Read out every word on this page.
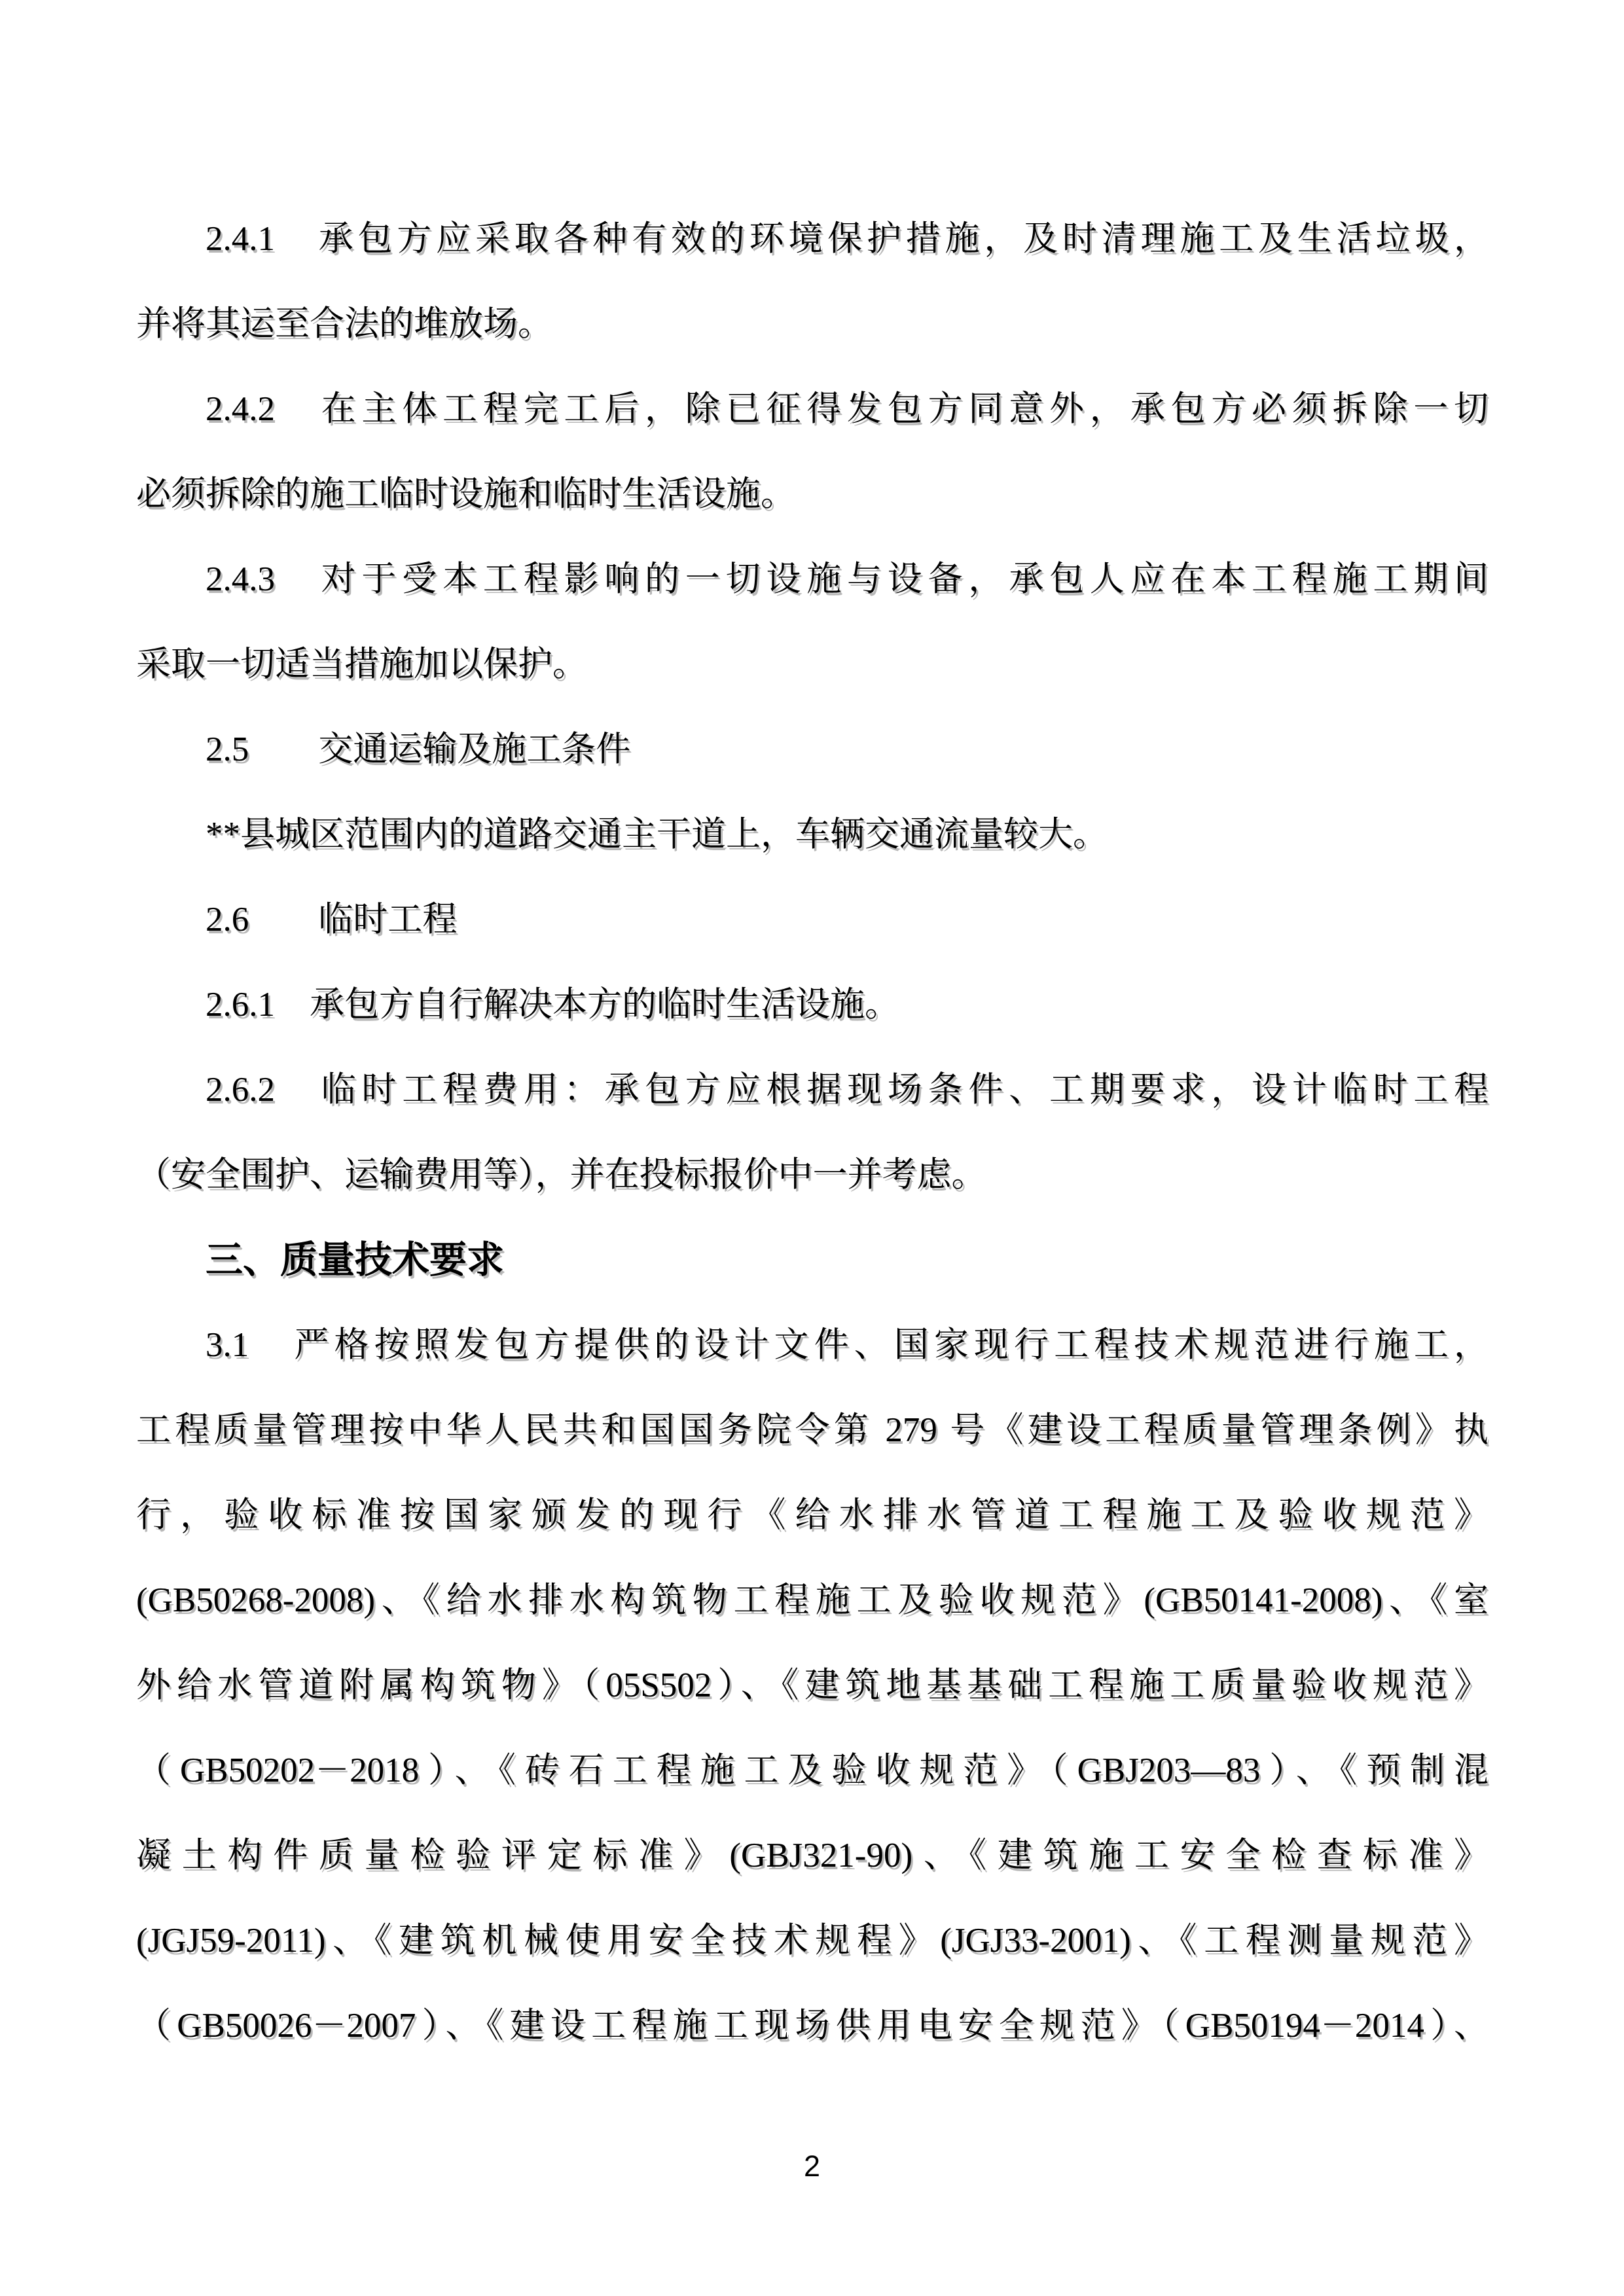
2.4.1　承包方应采取各种有效的环境保护措施，及时清理施工及生活垃圾，
并将其运至合法的堆放场。
2.4.2　在主体工程完工后，除已征得发包方同意外，承包方必须拆除一切
必须拆除的施工临时设施和临时生活设施。
2.4.3　对于受本工程影响的一切设施与设备，承包人应在本工程施工期间
采取一切适当措施加以保护。
2.5　　交通运输及施工条件
**县城区范围内的道路交通主干道上，车辆交通流量较大。
2.6　　临时工程
2.6.1　承包方自行解决本方的临时生活设施。
2.6.2　临时工程费用：承包方应根据现场条件、工期要求，设计临时工程
（安全围护、运输费用等），并在投标报价中一并考虑。
三、质量技术要求
3.1　严格按照发包方提供的设计文件、国家现行工程技术规范进行施工，
工程质量管理按中华人民共和国国务院令第 279 号《建设工程质量管理条例》执
行，验收标准按国家颁发的现行《给水排水管道工程施工及验收规范》
(GB50268-2008)、《给水排水构筑物工程施工及验收规范》(GB50141-2008)、《室
外给水管道附属构筑物》（05S502）、《建筑地基基础工程施工质量验收规范》
（GB50202－2018）、《砖石工程施工及验收规范》（GBJ203—83）、《预制混
凝土构件质量检验评定标准》(GBJ321-90)、《建筑施工安全检查标准》
(JGJ59-2011)、《建筑机械使用安全技术规程》(JGJ33-2001)、《工程测量规范》
（GB50026－2007）、《建设工程施工现场供用电安全规范》（GB50194－2014）、
2
